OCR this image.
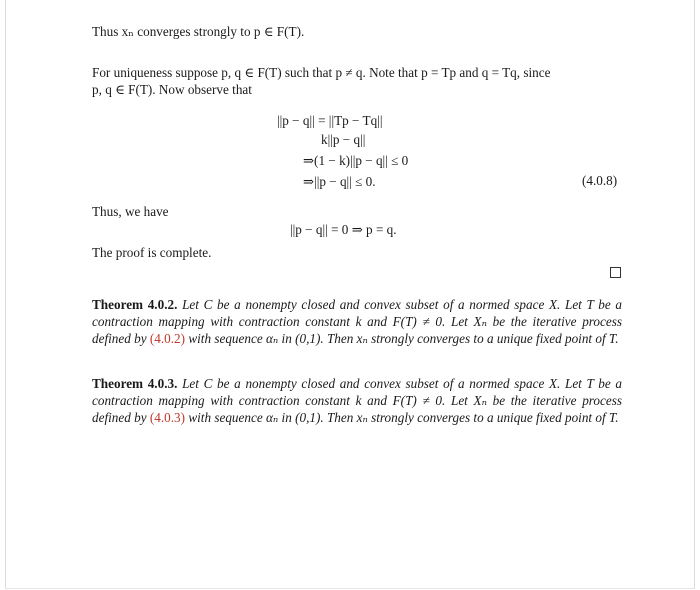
Thus xₙ converges strongly to p ∈ F(T).
For uniqueness suppose p, q ∈ F(T) such that p ≠ q. Note that p = Tp and q = Tq, since
p, q ∈ F(T). Now observe that
||p − q|| = ||Tp − Tq||
k||p − q||
⇒(1 − k)||p − q|| ≤ 0
⇒||p − q|| ≤ 0.	(4.0.8)
Thus, we have
||p − q|| = 0 ⇒ p = q.
The proof is complete.
Theorem 4.0.2. Let C be a nonempty closed and convex subset of a normed space X. Let T be a contraction mapping with contraction constant k and F(T) ≠ 0. Let Xₙ be the iterative process defined by (4.0.2) with sequence αₙ in (0,1). Then xₙ strongly converges to a unique fixed point of T.
Theorem 4.0.3. Let C be a nonempty closed and convex subset of a normed space X. Let T be a contraction mapping with contraction constant k and F(T) ≠ 0. Let Xₙ be the iterative process defined by (4.0.3) with sequence αₙ in (0,1). Then xₙ strongly converges to a unique fixed point of T.
